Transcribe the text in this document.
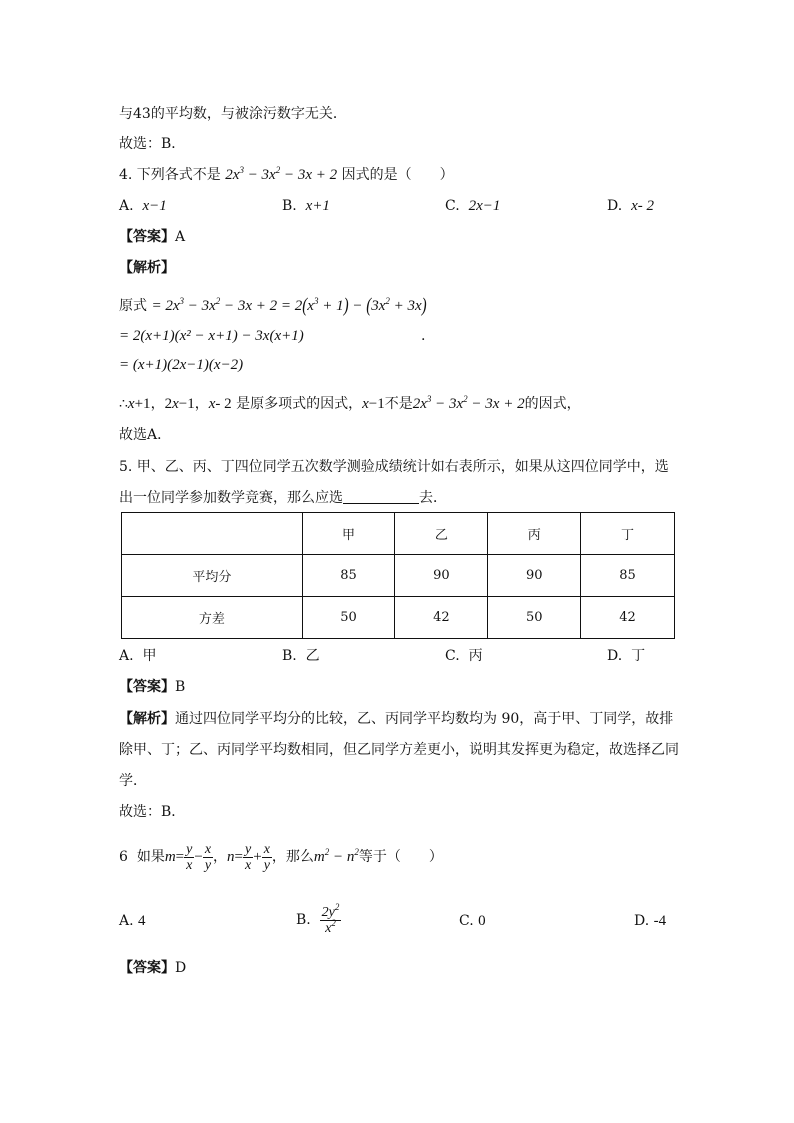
与43的平均数，与被涂污数字无关．
故选：B．
4. 下列各式不是 $2x^3 - 3x^2 - 3x + 2$ 因式的是（　　）
A. x−1	B. x+1	C. 2x−1	D. x- 2
【答案】A
【解析】
原式 = $2x^3 - 3x^2 - 3x + 2 = 2(x^3 + 1) - (3x^2 + 3x)$
= 2(x+1)(x² − x+1) − 3x(x+1)	.
= (x+1)(2x−1)(x−2)
∴x+1，2x−1，x- 2 是原多项式的因式，x−1不是$2x^3 - 3x^2 - 3x + 2$的因式，
故选A．
5. 甲、乙、丙、丁四位同学五次数学测验成绩统计如右表所示，如果从这四位同学中，选
出一位同学参加数学竞赛，那么应选	去．
	甲	乙	丙	丁
平均分	85	90	90	85
方差	50	42	50	42
A. 甲	B. 乙	C. 丙	D. 丁
【答案】B
【解析】通过四位同学平均分的比较，乙、丙同学平均数均为 90，高于甲、丁同学，故排
除甲、丁；乙、丙同学平均数相同，但乙同学方差更小，说明其发挥更为稳定，故选择乙同
学．
故选：B．
6 如果$m= \frac{y}{x} - \frac{x}{y}$ ，$n= \frac{y}{x} + \frac{x}{y}$ ，那么$m^2 - n^2$等于（　　）
A. 4	B. $\frac{2y^2}{x^2}$	C. 0	D. -4
【答案】D
